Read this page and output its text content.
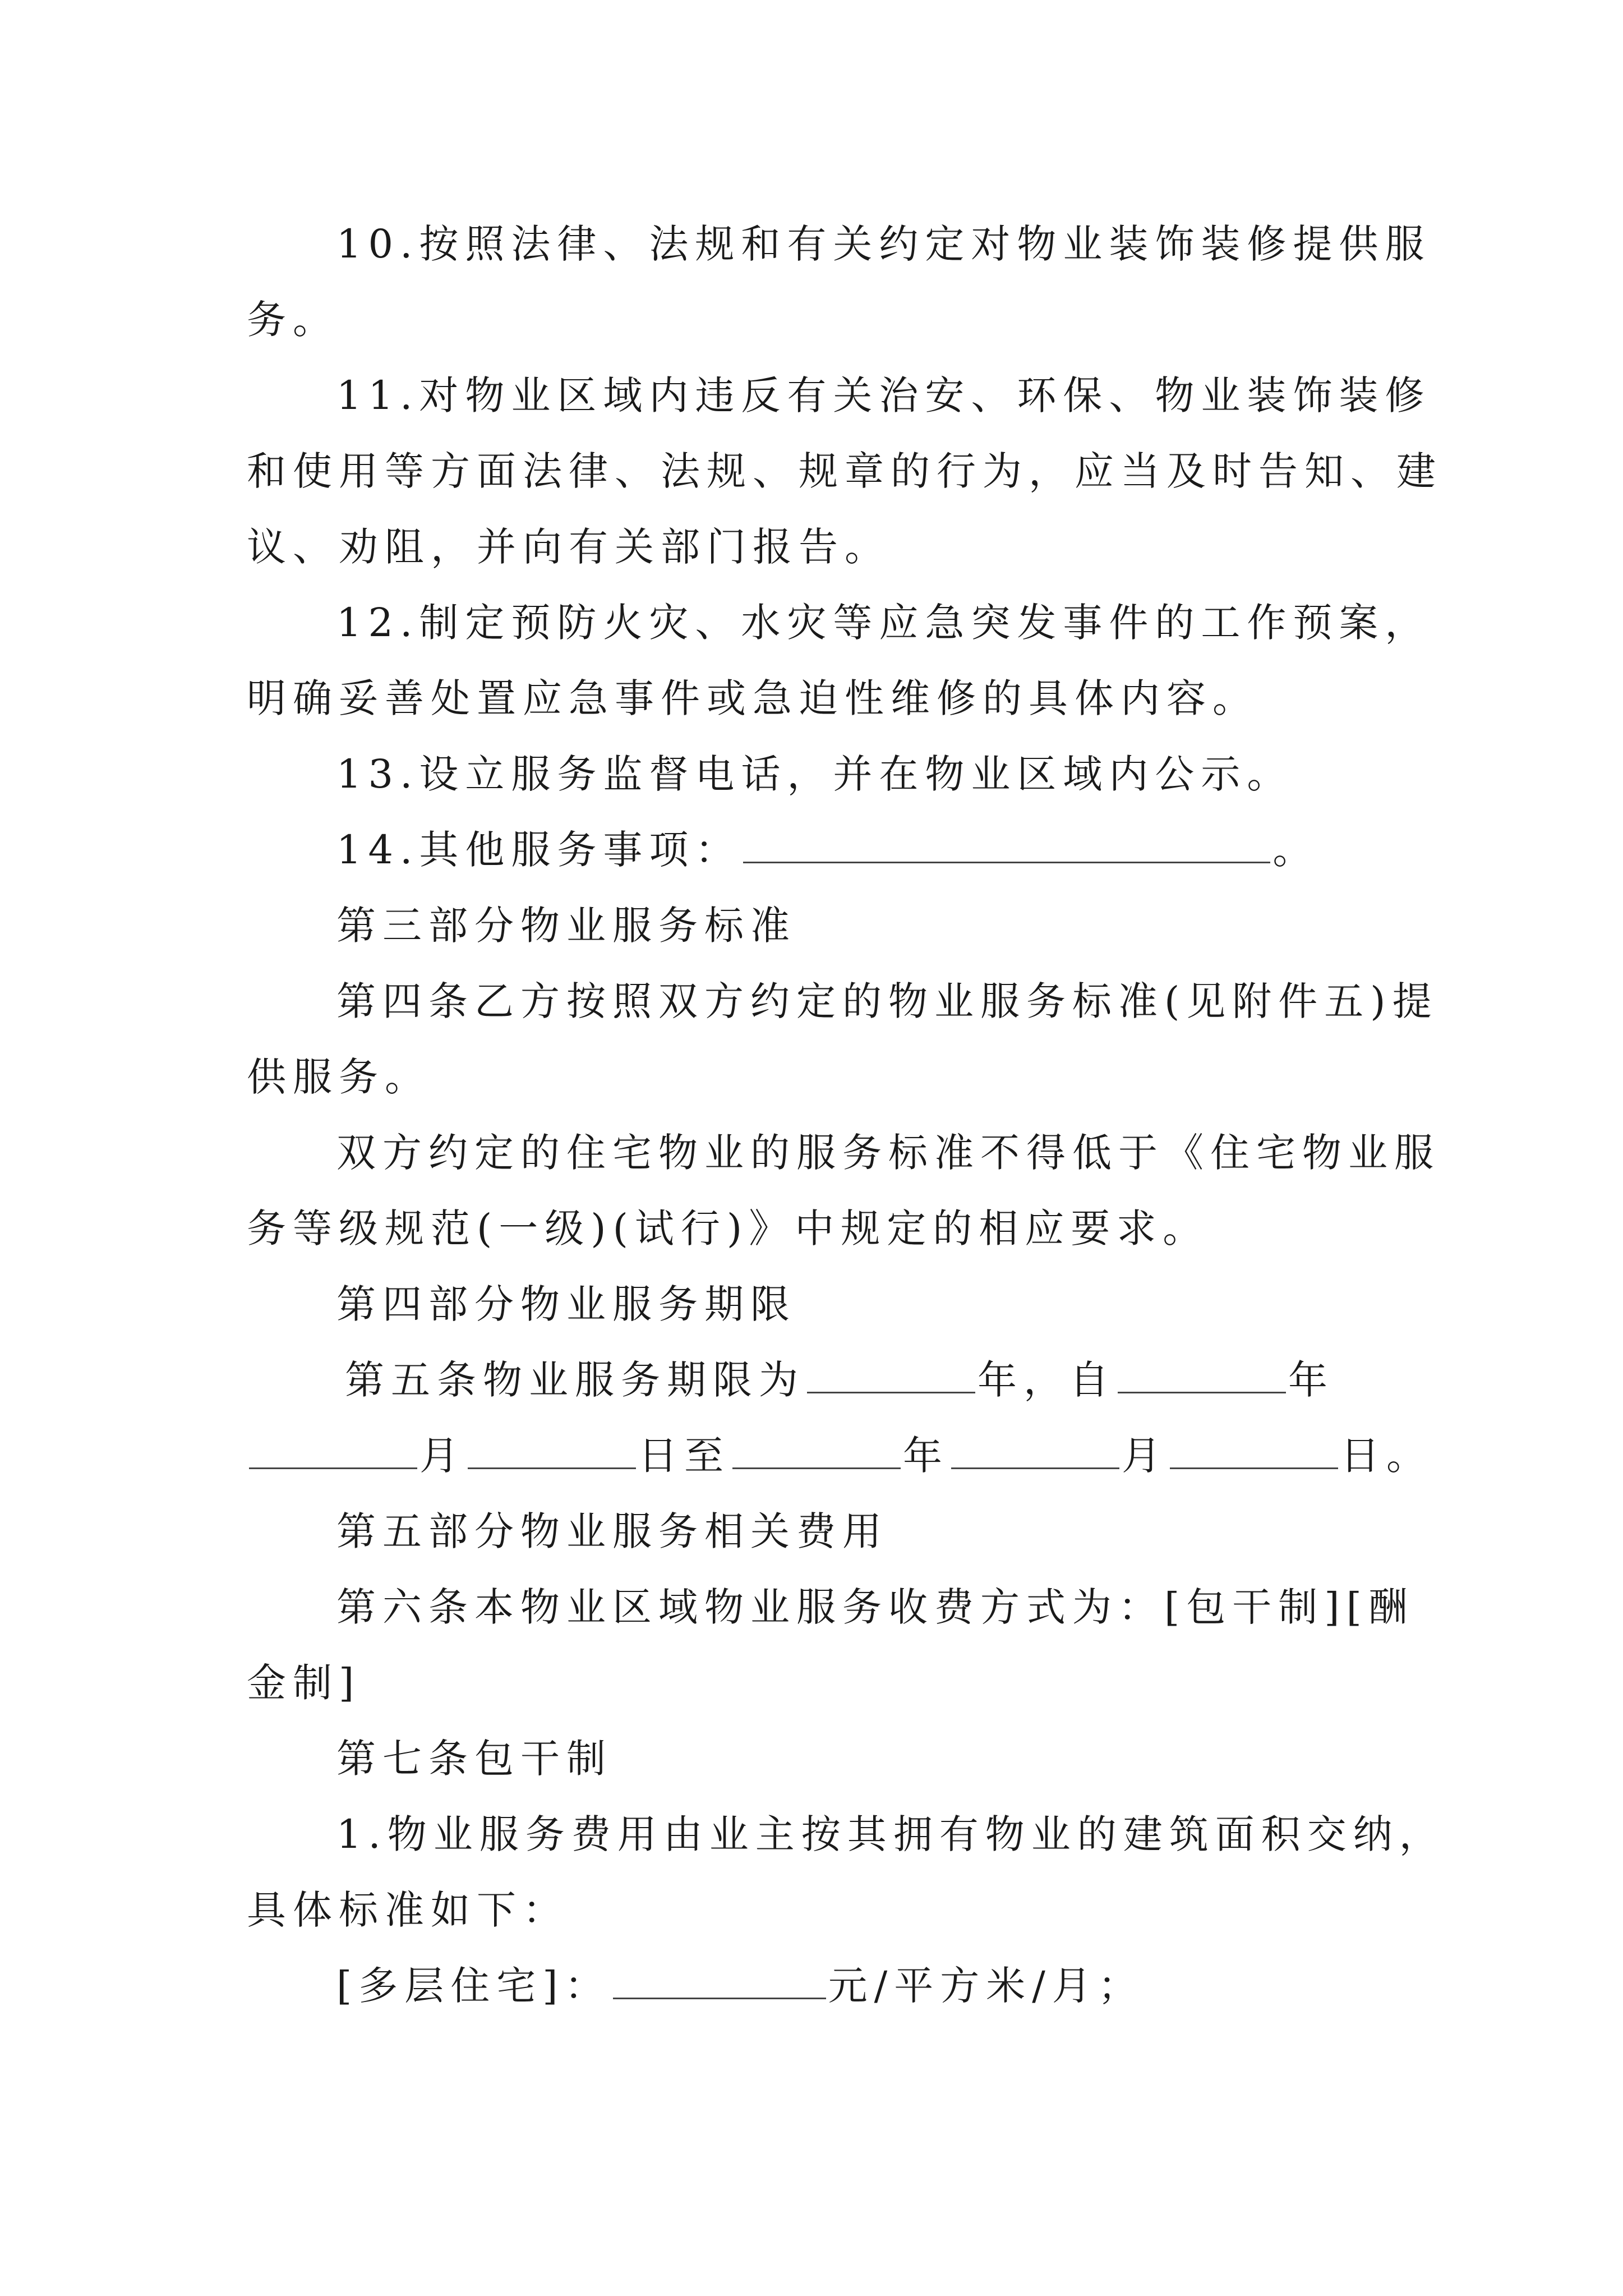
10.按照法律、法规和有关约定对物业装饰装修提供服
务。
11.对物业区域内违反有关治安、环保、物业装饰装修
和使用等方面法律、法规、规章的行为，应当及时告知、建
议、劝阻，并向有关部门报告。
12.制定预防火灾、水灾等应急突发事件的工作预案，
明确妥善处置应急事件或急迫性维修的具体内容。
13.设立服务监督电话，并在物业区域内公示。
14.其他服务事项：	。
第三部分物业服务标准
第四条乙方按照双方约定的物业服务标准(见附件五)提
供服务。
双方约定的住宅物业的服务标准不得低于《住宅物业服
务等级规范(一级)(试行)》中规定的相应要求。
第四部分物业服务期限
第五条物业服务期限为	年，自	年
月	日至	年	月	日。
第五部分物业服务相关费用
第六条本物业区域物业服务收费方式为：[包干制][酬
金制]
第七条包干制
1.物业服务费用由业主按其拥有物业的建筑面积交纳，
具体标准如下：
[多层住宅]：	元/平方米/月；
